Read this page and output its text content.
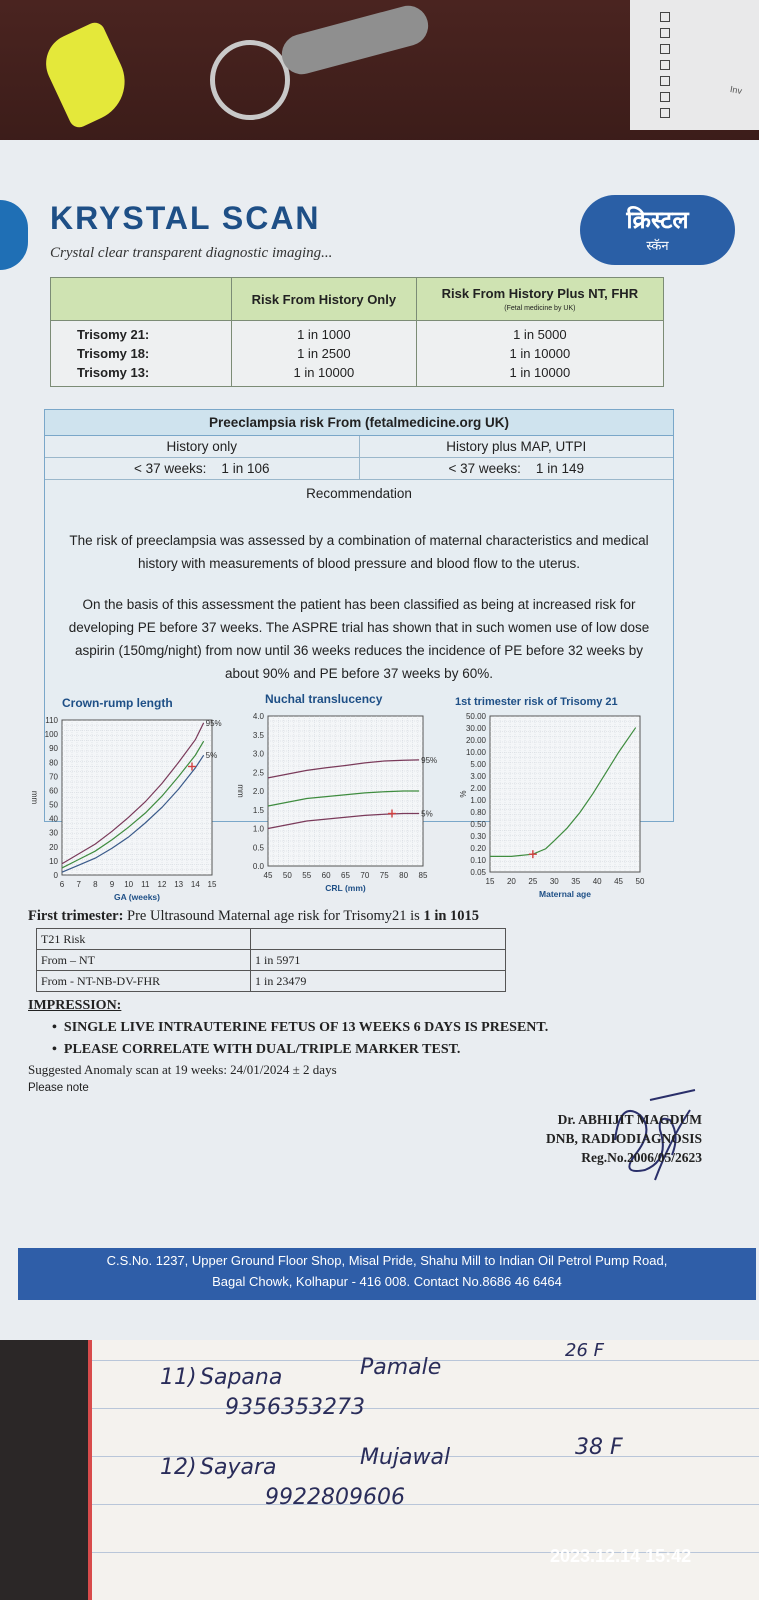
Inv
KRYSTAL SCAN
Crystal clear transparent diagnostic imaging...
क्रिस्टल
स्कॅन
	Risk From History Only	Risk From History Plus NT, FHR
(Fetal medicine by UK)

Trisomy 21:	1 in 1000	1 in 5000
Trisomy 18:	1 in 2500	1 in 10000
Trisomy 13:	1 in 10000	1 in 10000
Preeclampsia risk From (fetalmedicine.org UK)
History only	History plus MAP, UTPI
< 37 weeks:    1 in 106	< 37 weeks:    1 in 149
Recommendation
The risk of preeclampsia was assessed by a combination of maternal characteristics and medical history with measurements of blood pressure and blood flow to the uterus.
On the basis of this assessment the patient has been classified as being at increased risk for developing PE before 37 weeks. The ASPRE trial has shown that in such women use of low dose aspirin (150mg/night) from now until 36 weeks reduces the incidence of PE before 32 weeks by about 90% and PE before 37 weeks by 60%.
Crown-rump length	Nuchal translucency	1st trimester risk of Trisomy 21
6 7 8 9 10 11 12 13 14 15
0
10
20
30
40
50
60
70
80
90
100
110
GA (weeks)
mm
95%
5%
45 50 55 60 65 70 75 80 85
0.0
0.5
1.0
1.5
2.0
2.5
3.0
3.5
4.0
CRL (mm)
mm
95%
5%
15 20 25 30 35 40 45 50
0.05
0.10
0.20
0.30
0.50
0.80
1.00
2.00
3.00
5.00
10.00
20.00
30.00
50.00
Maternal age
%
First trimester: Pre Ultrasound Maternal age risk for Trisomy21 is 1 in 1015
T21 Risk	
From – NT	1 in 5971
From - NT-NB-DV-FHR	1 in 23479
IMPRESSION:
•  SINGLE LIVE INTRAUTERINE FETUS OF 13 WEEKS 6 DAYS IS PRESENT.
•  PLEASE CORRELATE WITH DUAL/TRIPLE MARKER TEST.
Suggested Anomaly scan at 19 weeks: 24/01/2024 ± 2 days
Please note
Dr. ABHIJIT MAGDUM
DNB, RADIODIAGNOSIS
Reg.No.2006/05/2623
C.S.No. 1237, Upper Ground Floor Shop, Misal Pride, Shahu Mill to Indian Oil Petrol Pump Road,
Bagal Chowk, Kolhapur - 416 008. Contact No.8686 46 6464
11) Sapana	Pamale
9356353273
26 F
12) Sayara	Mujawal
9922809606
38 F
2023.12.14 15:42
